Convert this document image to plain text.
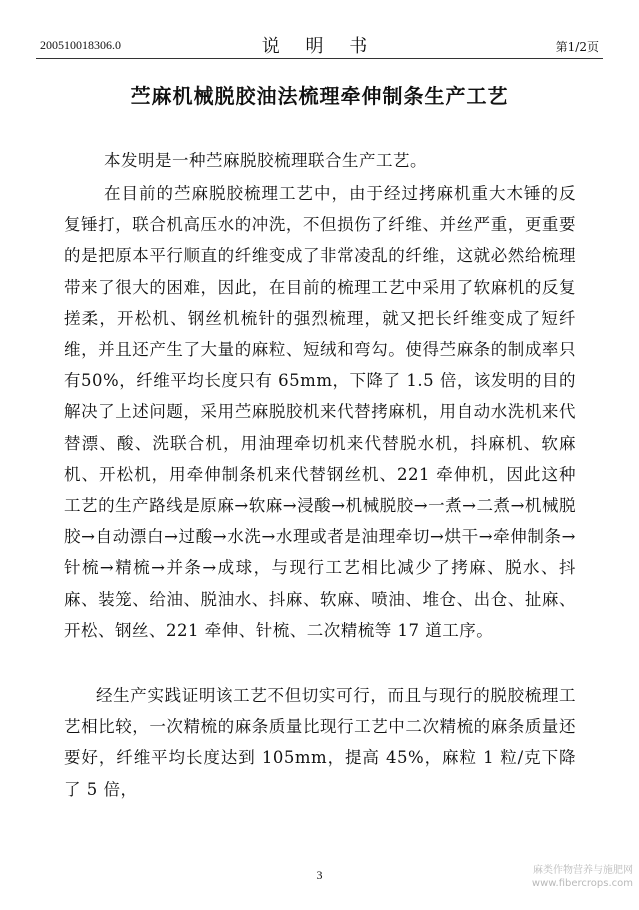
200510018306.0	说 明 书	第1/2页
苎麻机械脱胶油法梳理牵伸制条生产工艺

本发明是一种苎麻脱胶梳理联合生产工艺。

在目前的苎麻脱胶梳理工艺中，由于经过拷麻机重大木锤的反复锤打，联合机高压水的冲洗，不但损伤了纤维、并丝严重，更重要的是把原本平行顺直的纤维变成了非常凌乱的纤维，这就必然给梳理带来了很大的困难，因此，在目前的梳理工艺中采用了软麻机的反复搓柔，开松机、钢丝机梳针的强烈梳理，就又把长纤维变成了短纤维，并且还产生了大量的麻粒、短绒和弯勾。使得苎麻条的制成率只有50%，纤维平均长度只有 65mm，下降了 1.5 倍，该发明的目的解决了上述问题，采用苎麻脱胶机来代替拷麻机，用自动水洗机来代替漂、酸、洗联合机，用油理牵切机来代替脱水机，抖麻机、软麻机、开松机，用牵伸制条机来代替钢丝机、221 牵伸机，因此这种工艺的生产路线是原麻→软麻→浸酸→机械脱胶→一煮→二煮→机械脱胶→自动漂白→过酸→水洗→水理或者是油理牵切→烘干→牵伸制条→针梳→精梳→并条→成球，与现行工艺相比减少了拷麻、脱水、抖麻、装笼、给油、脱油水、抖麻、软麻、喷油、堆仓、出仓、扯麻、开松、钢丝、221 牵伸、针梳、二次精梳等 17 道工序。

经生产实践证明该工艺不但切实可行，而且与现行的脱胶梳理工艺相比较，一次精梳的麻条质量比现行工艺中二次精梳的麻条质量还要好，纤维平均长度达到 105mm，提高 45%，麻粒 1 粒/克下降了 5 倍，

3	麻类作物营养与施肥网
www.fibercrops.com
